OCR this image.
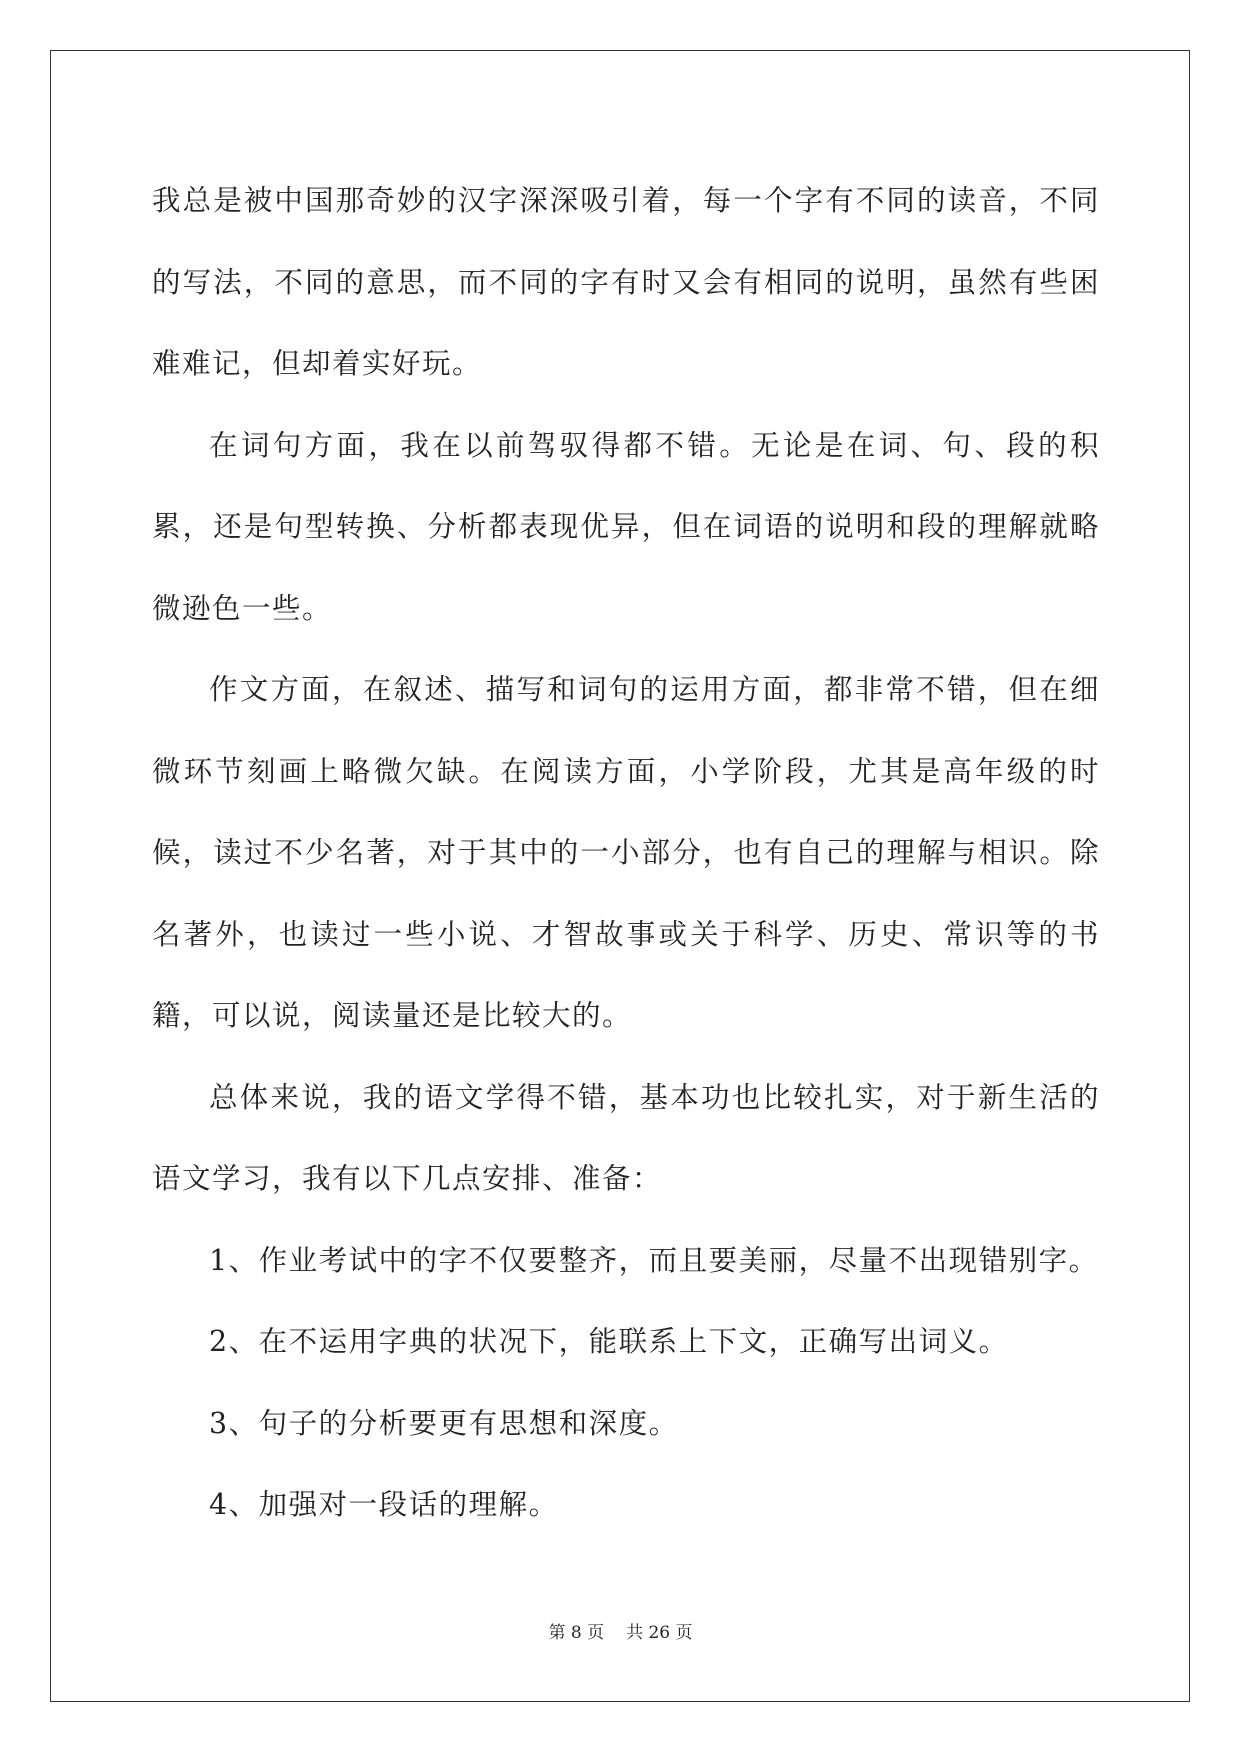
我总是被中国那奇妙的汉字深深吸引着，每一个字有不同的读音，不同的写法，不同的意思，而不同的字有时又会有相同的说明，虽然有些困难难记，但却着实好玩。

在词句方面，我在以前驾驭得都不错。无论是在词、句、段的积累，还是句型转换、分析都表现优异，但在词语的说明和段的理解就略微逊色一些。

作文方面，在叙述、描写和词句的运用方面，都非常不错，但在细微环节刻画上略微欠缺。在阅读方面，小学阶段，尤其是高年级的时候，读过不少名著，对于其中的一小部分，也有自己的理解与相识。除名著外，也读过一些小说、才智故事或关于科学、历史、常识等的书籍，可以说，阅读量还是比较大的。

总体来说，我的语文学得不错，基本功也比较扎实，对于新生活的语文学习，我有以下几点安排、准备：

1、作业考试中的字不仅要整齐，而且要美丽，尽量不出现错别字。

2、在不运用字典的状况下，能联系上下文，正确写出词义。

3、句子的分析要更有思想和深度。

4、加强对一段话的理解。

第 8 页 共 26 页
